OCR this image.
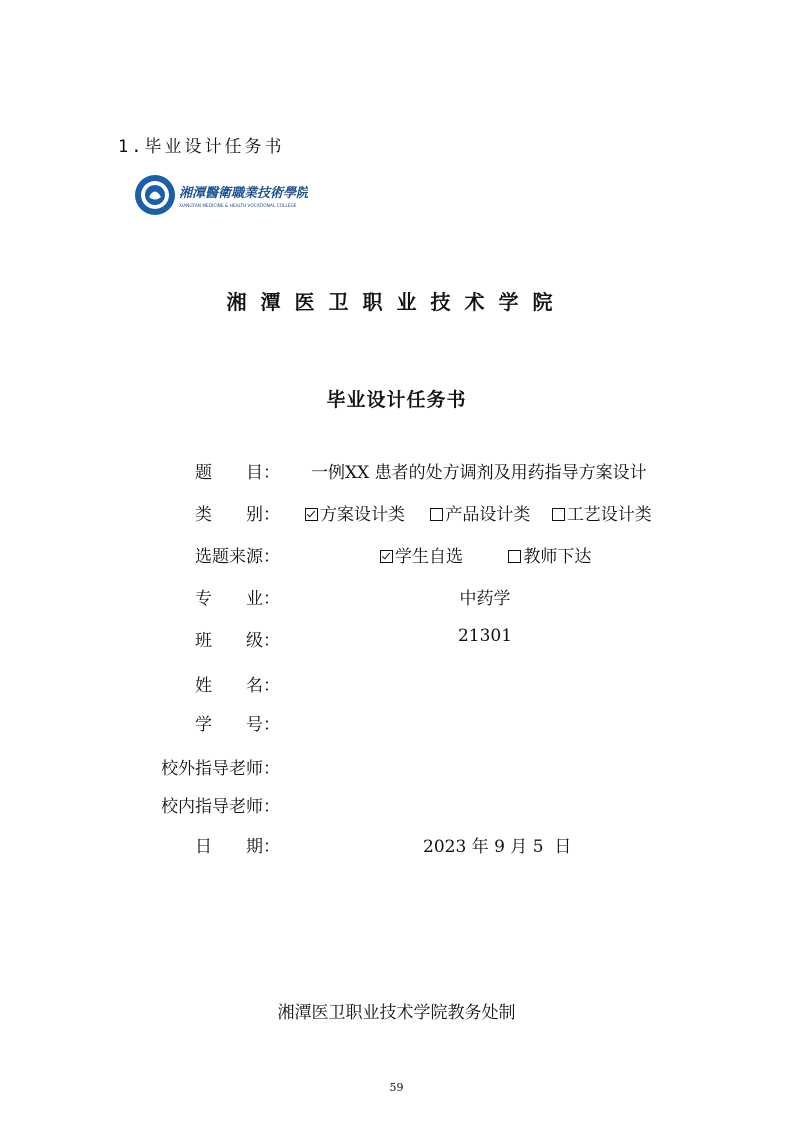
1.毕业设计任务书
湘潭醫衛職業技術學院
XIANGTAN MEDICINE & HEALTH VOCATIONAL COLLEGE
湘潭医卫职业技术学院
毕业设计任务书
题　　目： 一例XX 患者的处方调剂及用药指导方案设计
类　　别：	方案设计类 产品设计类 工艺设计类
选题来源：	学生自选	教师下达
专　　业：	中药学
班　　级：	21301
姓　　名：
学　　号：
校外指导老师：
校内指导老师：
日　　期：	2023 年 9 月 5  日
湘潭医卫职业技术学院教务处制
59
